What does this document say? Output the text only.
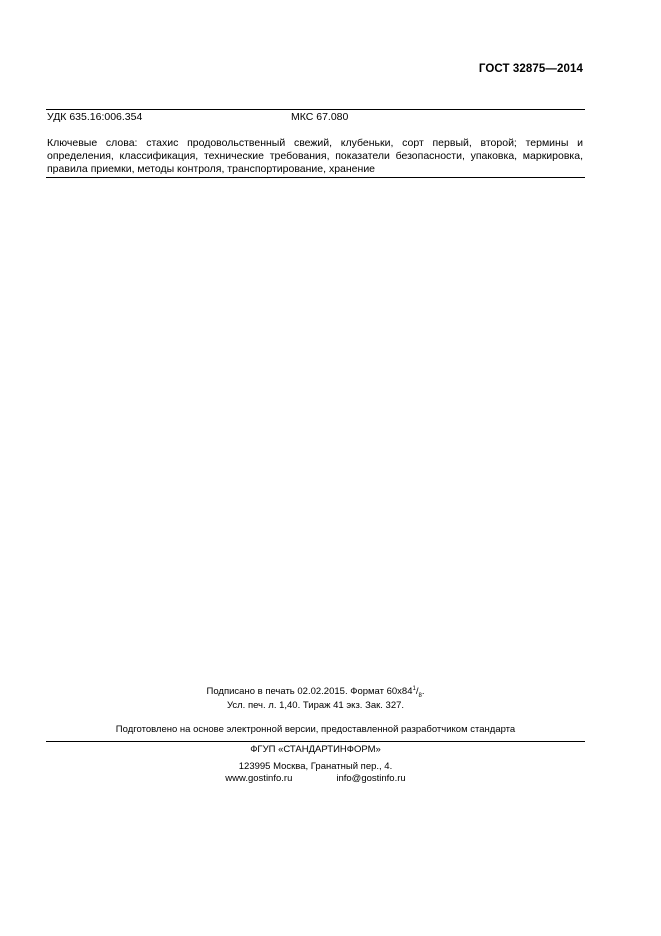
ГОСТ 32875—2014
УДК 635.16:006.354	МКС 67.080
Ключевые слова: стахис продовольственный свежий, клубеньки, сорт первый, второй; термины и определения, классификация, технические требования, показатели безопасности, упаковка, маркировка, правила приемки, методы контроля, транспортирование, хранение
Подписано в печать 02.02.2015. Формат $60х84^1/_8$.
Усл. печ. л. 1,40. Тираж 41 экз. Зак. 327.
Подготовлено на основе электронной версии, предоставленной разработчиком стандарта
ФГУП «СТАНДАРТИНФОРМ»
123995 Москва, Гранатный пер., 4.
www.gostinfo.ru	info@gostinfo.ru
